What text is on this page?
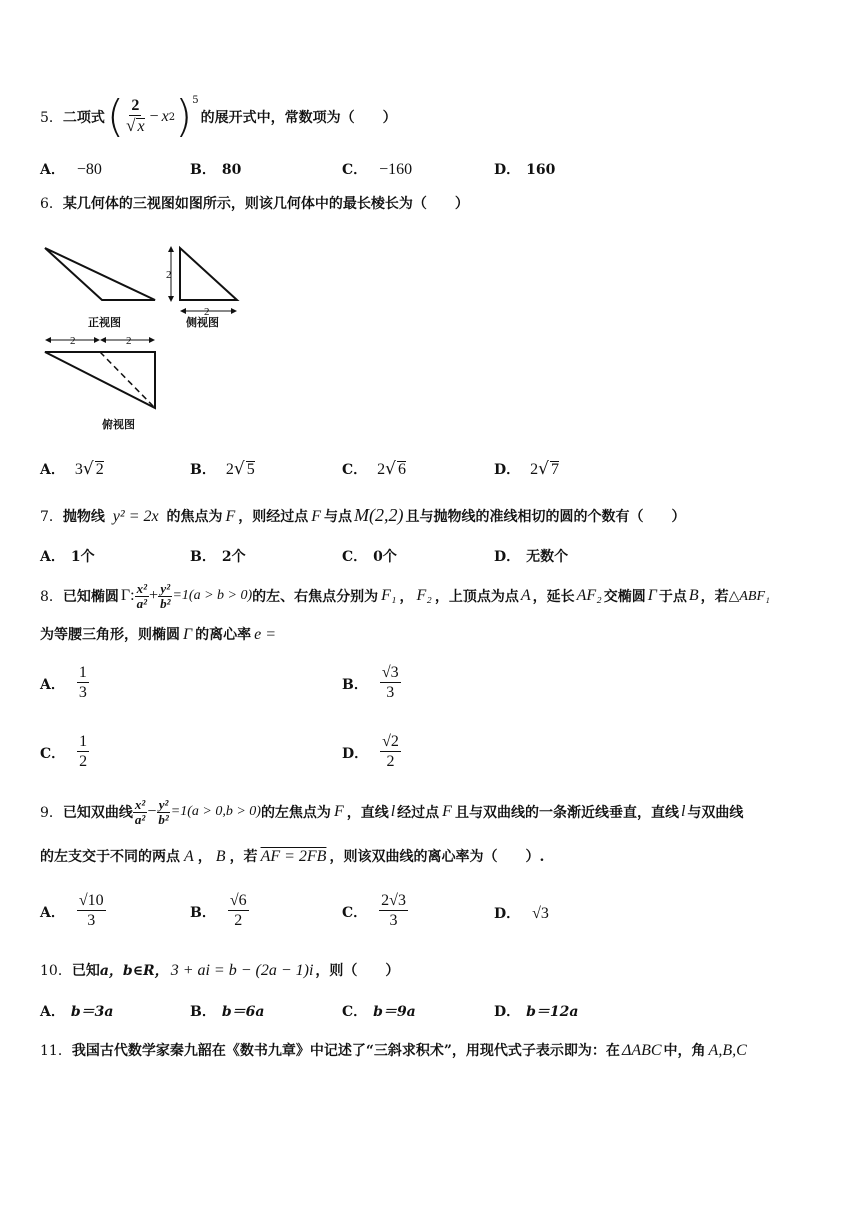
5． 二项式 ( $\frac{2}{√ x} - x$ 2 )$^5$
的展开式中，常数项为（　　）
A． −80	B． 80	C． −160	D． 160
6．某几何体的三视图如图所示，则该几何体中的最长棱长为（　　）
正视图
2
2
侧视图
2	2
俯视图
A． 3√ 2	B． 2√ 5	C． 2√ 6	D． 2√ 7
7．抛物线 y² = 2x 的焦点为 F ，则经过点 F 与点 M(2,2) 且与抛物线的准线相切的圆的个数有（　　）
A． 1个	B． 2个	C． 0个	D． 无数个
8． 已知椭圆 Γ: $\frac{\text{x²}}{\text{a²}} + \frac{\text{y²}}{\text{b²}} =1(a > b > 0)$ 的左、右焦点分别为 F₁ ， F₂ ，上顶点为点 A ，延长 AF₂ 交椭圆 Γ 于点 B ，若 △ABF₁
为等腰三角形，则椭圆 Γ 的离心率 e =
A． $\frac{1}{3}$	B． $\frac{√3}{3}$
C． $\frac{1}{2}$	D． $\frac{√2}{2}$
9． 已知双曲线 $\frac{\text{x²}}{\text{a²}} - \frac{\text{y²}}{\text{b²}} =1(a > 0,b > 0)$ 的左焦点为 F ，直线 l 经过点 F 且与双曲线的一条渐近线垂直，直线 l 与双曲线
的左支交于不同的两点 A ， B ，若 AF = 2FB ，则该双曲线的离心率为（　　）.
A． $\frac{√10}{3}$	B． $\frac{√6}{2}$	C． $\frac{2√3}{3}$	D． √3
10．已知a，b∈R， 3 + ai = b − (2a − 1)i ，则（　　）
A． b＝3a	B． b＝6a	C． b＝9a	D． b＝12a
11．我国古代数学家秦九韶在《数书九章》中记述了“三斜求积术”，用现代式子表示即为：在 ΔABC 中，角 A,B,C
